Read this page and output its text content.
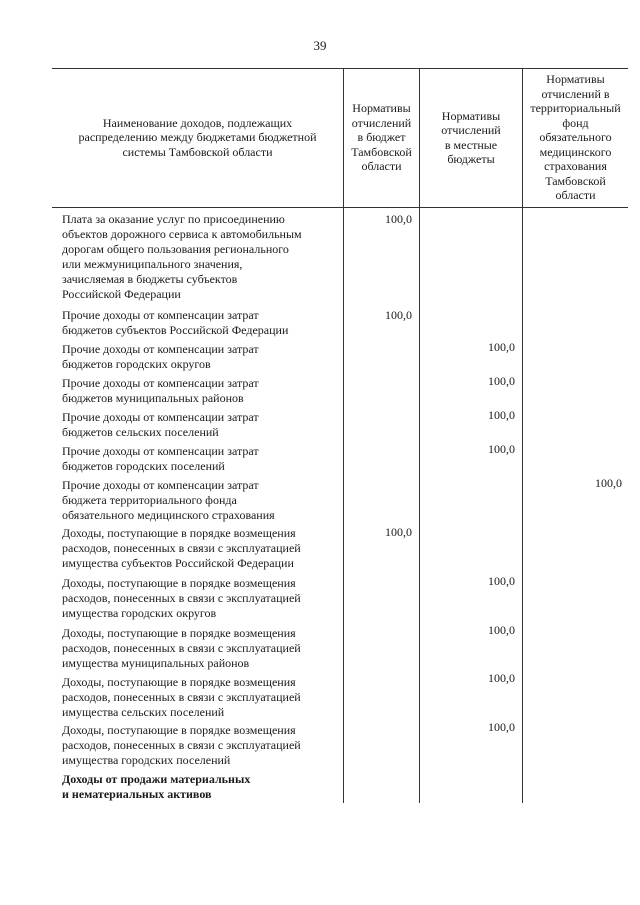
39
Наименование доходов, подлежащих
распределению между бюджетами бюджетной
системы Тамбовской области
Нормативы
отчислений
в бюджет
Тамбовской
области
Нормативы
отчислений
в местные
бюджеты
Нормативы
отчислений в
территориальный
фонд
обязательного
медицинского
страхования
Тамбовской
области
Плата за оказание услуг по присоединению
объектов дорожного сервиса к автомобильным
дорогам общего пользования регионального
или межмуниципального значения,
зачисляемая в бюджеты субъектов
Российской Федерации
100,0
Прочие доходы от компенсации затрат
бюджетов субъектов Российской Федерации
100,0
Прочие доходы от компенсации затрат
бюджетов городских округов
100,0
Прочие доходы от компенсации затрат
бюджетов муниципальных районов
100,0
Прочие доходы от компенсации затрат
бюджетов сельских поселений
100,0
Прочие доходы от компенсации затрат
бюджетов городских поселений
100,0
Прочие доходы от компенсации затрат
бюджета территориального фонда
обязательного медицинского страхования
100,0
Доходы, поступающие в порядке возмещения
расходов, понесенных в связи с эксплуатацией
имущества субъектов Российской Федерации
100,0
Доходы, поступающие в порядке возмещения
расходов, понесенных в связи с эксплуатацией
имущества городских округов
100,0
Доходы, поступающие в порядке возмещения
расходов, понесенных в связи с эксплуатацией
имущества муниципальных районов
100,0
Доходы, поступающие в порядке возмещения
расходов, понесенных в связи с эксплуатацией
имущества сельских поселений
100,0
Доходы, поступающие в порядке возмещения
расходов, понесенных в связи с эксплуатацией
имущества городских поселений
100,0
Доходы от продажи материальных
и нематериальных активов
